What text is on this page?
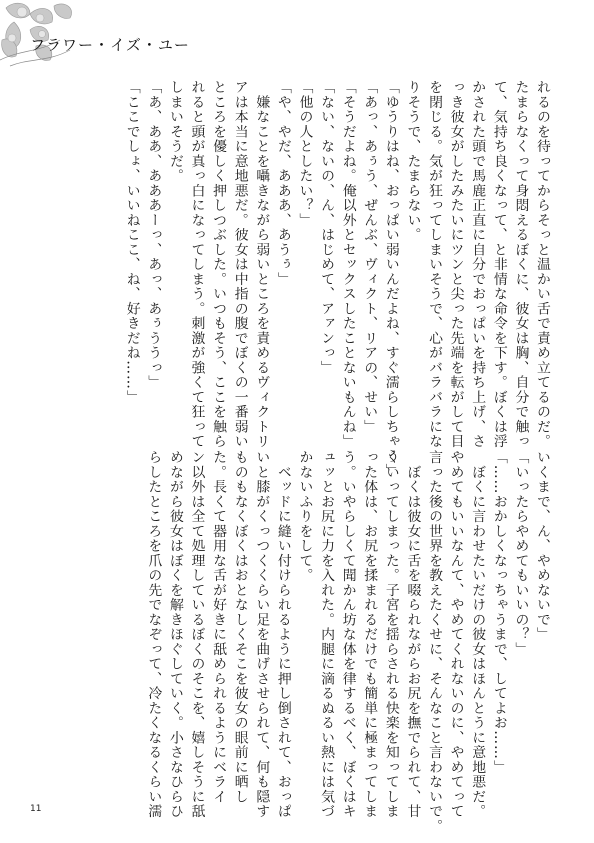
フラワー・イズ・ユー
れるのを待ってからそっと温かい舌で責め立てるのだ。
たまらなくって身悶えるぼくに、彼女は胸、自分で触っ
て、気持ち良くなって、と非情な命令を下す。ぼくは浮
かされた頭で馬鹿正直に自分でおっぱいを持ち上げ、さ
っき彼女がしたみたいにツンと尖った先端を転がして目
を閉じる。気が狂ってしまいそうで、心がバラバラにな
りそうで、たまらない。
「ゆうりはね、おっぱい弱いんだよね、すぐ濡らしちゃう」
「あっ、あぅう、ぜんぶ、ヴィクト、リアの、せい」
「そうだよね。俺以外とセックスしたことないもんね」
「ない、ないの、ん、はじめて、アァンっ」
「他の人としたい？」
「や、やだ、あああ、あうぅ」
　嫌なことを囁きながら弱いところを責めるヴィクトリ
アは本当に意地悪だ。彼女は中指の腹でぼくの一番弱い
ところを優しく押しつぶした。いつもそう、ここを触ら
れると頭が真っ白になってしまう。刺激が強くて狂って
しまいそうだ。
「あ、ああ、あああーっ、あっ、あぅううっ」
「ここでしょ、いいねここ、ね、好きだね……」
いくまで、ん、やめないで」
「いったらやめてもいいの？」
「……おかしくなっちゃうまで、してよお……」
　ぼくに言わせたいだけの彼女はほんとうに意地悪だ。
やめてもいいなんて、やめてくれないのに、やめてって
言った後の世界を教えたくせに、そんなこと言わないで。
　ぼくは彼女に舌を啜られながらお尻を撫でられて、甘
くいってしまった。子宮を揺らされる快楽を知ってしま
った体は、お尻を揉まれるだけでも簡単に極まってしま
う。いやらしくて聞かん坊な体を律するべく、ぼくはキ
ュッとお尻に力を入れた。内腿に滴るぬるい熱には気づ
かないふりをして。
　ベッドに縫い付けられるように押し倒されて、おっぱ
いと膝がくっつくくらい足を曲げさせられて、何も隠す
ものもなくぼくはおとなしくそこを彼女の眼前に晒し
た。長くて器用な舌が好きに舐められるようにベライ
ン以外は全て処理しているぼくのそこを、嬉しそうに舐
めながら彼女はぼくを解きほぐしていく。小さなひらひ
らしたところを爪の先でなぞって、冷たくなるくらい濡
11
